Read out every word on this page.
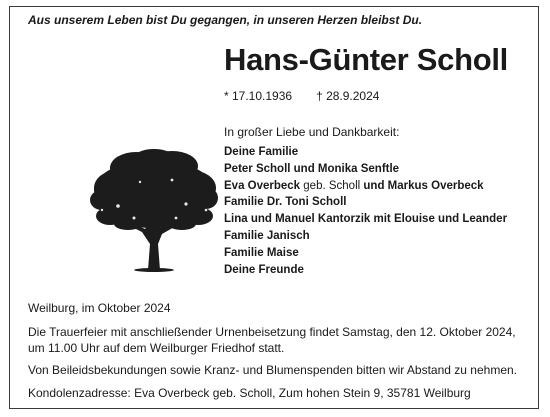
Aus unserem Leben bist Du gegangen, in unseren Herzen bleibst Du.
Hans-Günter Scholl
* 17.10.1936 † 28.9.2024
In großer Liebe und Dankbarkeit:
Deine Familie
Peter Scholl und Monika Senftle
Eva Overbeck geb. Scholl und Markus Overbeck
Familie Dr. Toni Scholl
Lina und Manuel Kantorzik mit Elouise und Leander
Familie Janisch
Familie Maise
Deine Freunde
Weilburg, im Oktober 2024
Die Trauerfeier mit anschließender Urnenbeisetzung findet Samstag, den 12. Oktober 2024,
um 11.00 Uhr auf dem Weilburger Friedhof statt.
Von Beileidsbekundungen sowie Kranz- und Blumenspenden bitten wir Abstand zu nehmen.
Kondolenzadresse: Eva Overbeck geb. Scholl, Zum hohen Stein 9, 35781 Weilburg
